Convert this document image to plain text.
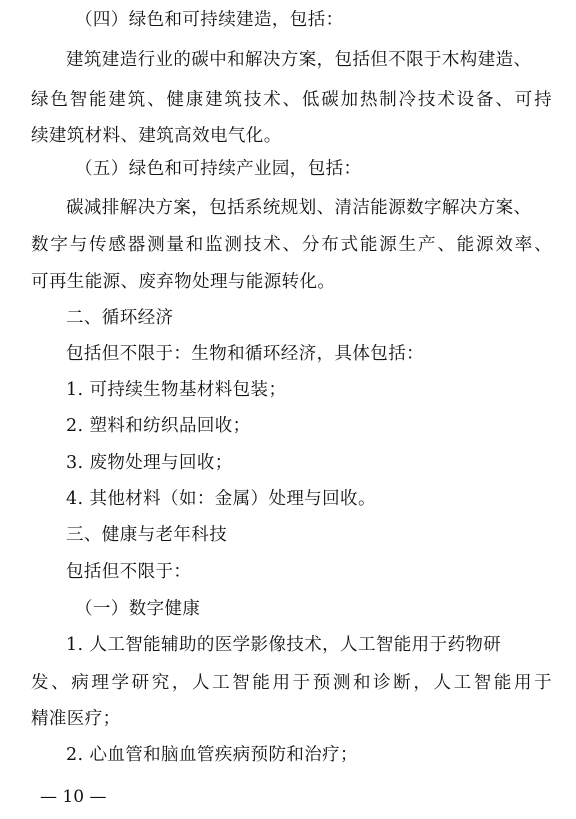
（四）绿色和可持续建造，包括：
建筑建造行业的碳中和解决方案，包括但不限于木构建造、
绿色智能建筑、健康建筑技术、低碳加热制冷技术设备、可持
续建筑材料、建筑高效电气化。
（五）绿色和可持续产业园，包括：
碳减排解决方案，包括系统规划、清洁能源数字解决方案、
数字与传感器测量和监测技术、分布式能源生产、能源效率、
可再生能源、废弃物处理与能源转化。
二、循环经济
包括但不限于：生物和循环经济，具体包括：
1. 可持续生物基材料包装；
2. 塑料和纺织品回收；
3. 废物处理与回收；
4. 其他材料（如：金属）处理与回收。
三、健康与老年科技
包括但不限于：
（一）数字健康
1. 人工智能辅助的医学影像技术，人工智能用于药物研
发、病理学研究，人工智能用于预测和诊断，人工智能用于
精准医疗；
2. 心血管和脑血管疾病预防和治疗；
— 10 —
